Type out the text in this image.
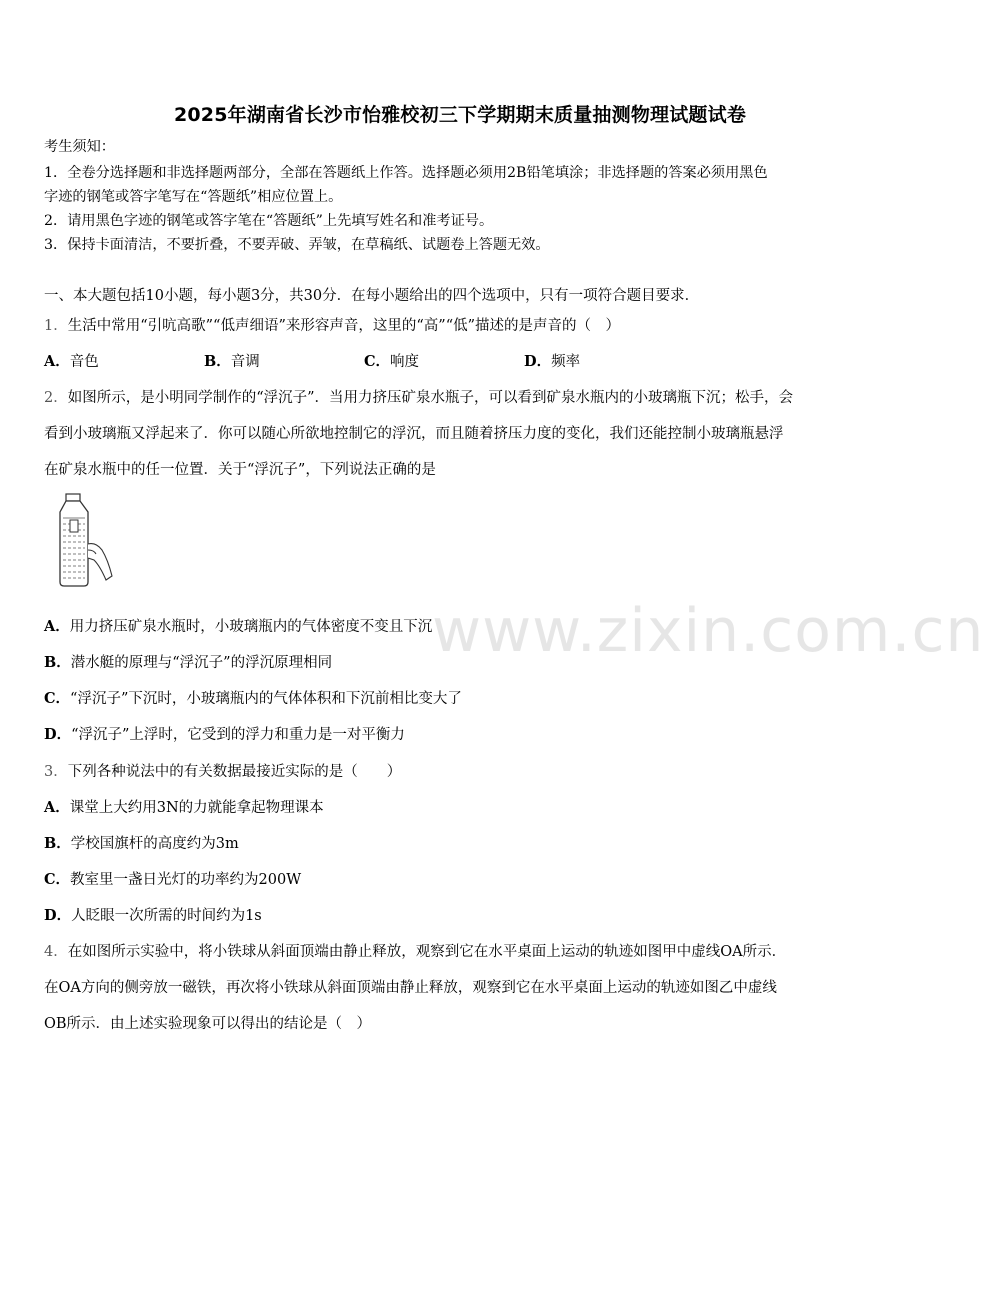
www.zixin.com.cn
2025年湖南省长沙市怡雅校初三下学期期末质量抽测物理试题试卷
考生须知：
1．全卷分选择题和非选择题两部分，全部在答题纸上作答。选择题必须用2B铅笔填涂；非选择题的答案必须用黑色
字迹的钢笔或答字笔写在“答题纸”相应位置上。
2．请用黑色字迹的钢笔或答字笔在“答题纸”上先填写姓名和准考证号。
3．保持卡面清洁，不要折叠，不要弄破、弄皱，在草稿纸、试题卷上答题无效。
一、本大题包括10小题，每小题3分，共30分．在每小题给出的四个选项中，只有一项符合题目要求．
1．生活中常用“引吭高歌”“低声细语”来形容声音，这里的“高”“低”描述的是声音的（　）
A．音色	B．音调	C．响度	D．频率
2．如图所示，是小明同学制作的“浮沉子”．当用力挤压矿泉水瓶子，可以看到矿泉水瓶内的小玻璃瓶下沉；松手，会
看到小玻璃瓶又浮起来了．你可以随心所欲地控制它的浮沉，而且随着挤压力度的变化，我们还能控制小玻璃瓶悬浮
在矿泉水瓶中的任一位置．关于“浮沉子”，下列说法正确的是
A．用力挤压矿泉水瓶时，小玻璃瓶内的气体密度不变且下沉
B．潜水艇的原理与“浮沉子”的浮沉原理相同
C．“浮沉子”下沉时，小玻璃瓶内的气体体积和下沉前相比变大了
D．“浮沉子”上浮时，它受到的浮力和重力是一对平衡力
3．下列各种说法中的有关数据最接近实际的是（　　）
A．课堂上大约用3N的力就能拿起物理课本
B．学校国旗杆的高度约为3m
C．教室里一盏日光灯的功率约为200W
D．人眨眼一次所需的时间约为1s
4．在如图所示实验中，将小铁球从斜面顶端由静止释放，观察到它在水平桌面上运动的轨迹如图甲中虚线OA所示．
在OA方向的侧旁放一磁铁，再次将小铁球从斜面顶端由静止释放，观察到它在水平桌面上运动的轨迹如图乙中虚线
OB所示．由上述实验现象可以得出的结论是（　）
